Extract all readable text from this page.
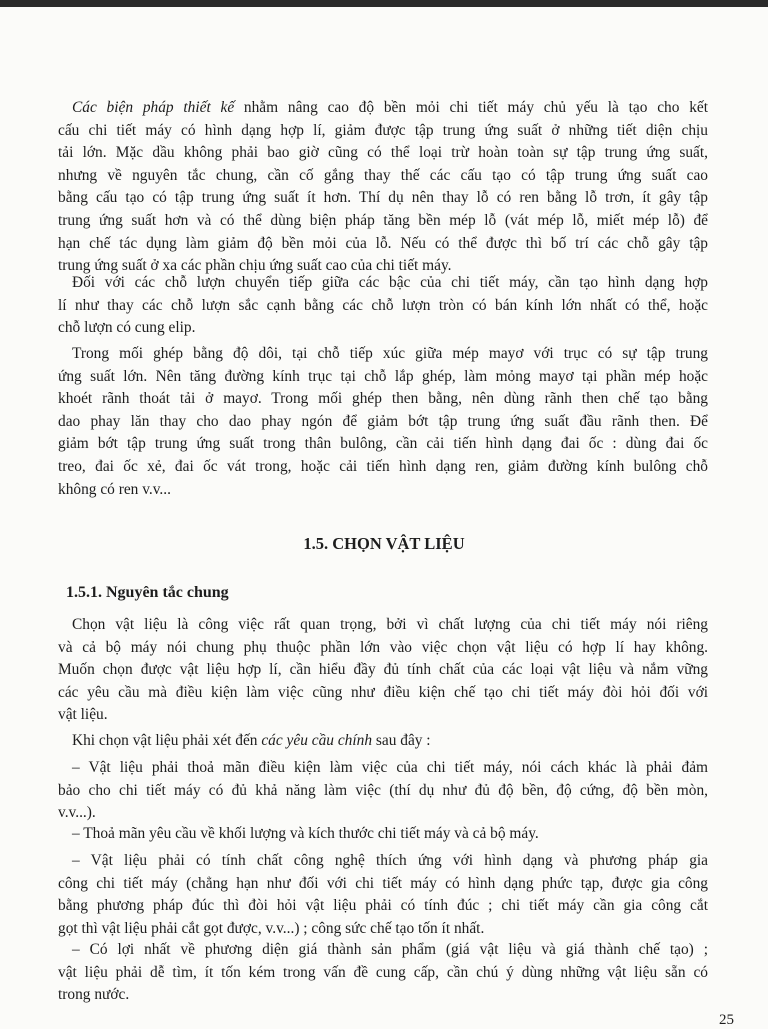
Các biện pháp thiết kế nhằm nâng cao độ bền mỏi chi tiết máy chủ yếu là tạo cho kết
cấu chi tiết máy có hình dạng hợp lí, giảm được tập trung ứng suất ở những tiết diện chịu
tải lớn. Mặc dầu không phải bao giờ cũng có thể loại trừ hoàn toàn sự tập trung ứng suất,
nhưng về nguyên tắc chung, cần cố gắng thay thế các cấu tạo có tập trung ứng suất cao
bằng cấu tạo có tập trung ứng suất ít hơn. Thí dụ nên thay lỗ có ren bằng lỗ trơn, ít gây tập
trung ứng suất hơn và có thể dùng biện pháp tăng bền mép lỗ (vát mép lỗ, miết mép lỗ) để
hạn chế tác dụng làm giảm độ bền mỏi của lỗ. Nếu có thể được thì bố trí các chỗ gây tập
trung ứng suất ở xa các phần chịu ứng suất cao của chi tiết máy.

Đối với các chỗ lượn chuyển tiếp giữa các bậc của chi tiết máy, cần tạo hình dạng hợp
lí như thay các chỗ lượn sắc cạnh bằng các chỗ lượn tròn có bán kính lớn nhất có thể, hoặc
chỗ lượn có cung elip.

Trong mối ghép bằng độ dôi, tại chỗ tiếp xúc giữa mép mayơ với trục có sự tập trung
ứng suất lớn. Nên tăng đường kính trục tại chỗ lắp ghép, làm mỏng mayơ tại phần mép hoặc
khoét rãnh thoát tải ở mayơ. Trong mối ghép then bằng, nên dùng rãnh then chế tạo bằng
dao phay lăn thay cho dao phay ngón để giảm bớt tập trung ứng suất đầu rãnh then. Để
giảm bớt tập trung ứng suất trong thân bulông, cần cải tiến hình dạng đai ốc : dùng đai ốc
treo, đai ốc xẻ, đai ốc vát trong, hoặc cải tiến hình dạng ren, giảm đường kính bulông chỗ
không có ren v.v...

1.5. CHỌN VẬT LIỆU
1.5.1. Nguyên tắc chung

Chọn vật liệu là công việc rất quan trọng, bởi vì chất lượng của chi tiết máy nói riêng
và cả bộ máy nói chung phụ thuộc phần lớn vào việc chọn vật liệu có hợp lí hay không.
Muốn chọn được vật liệu hợp lí, cần hiểu đầy đủ tính chất của các loại vật liệu và nắm vững
các yêu cầu mà điều kiện làm việc cũng như điều kiện chế tạo chi tiết máy đòi hỏi đối với
vật liệu.

Khi chọn vật liệu phải xét đến các yêu cầu chính sau đây :

– Vật liệu phải thoả mãn điều kiện làm việc của chi tiết máy, nói cách khác là phải đảm
bảo cho chi tiết máy có đủ khả năng làm việc (thí dụ như đủ độ bền, độ cứng, độ bền mòn,
v.v...).

– Thoả mãn yêu cầu về khối lượng và kích thước chi tiết máy và cả bộ máy.

– Vật liệu phải có tính chất công nghệ thích ứng với hình dạng và phương pháp gia
công chi tiết máy (chẳng hạn như đối với chi tiết máy có hình dạng phức tạp, được gia công
bằng phương pháp đúc thì đòi hỏi vật liệu phải có tính đúc ; chi tiết máy cần gia công cắt
gọt thì vật liệu phải cắt gọt được, v.v...) ; công sức chế tạo tốn ít nhất.

– Có lợi nhất về phương diện giá thành sản phẩm (giá vật liệu và giá thành chế tạo) ;
vật liệu phải dễ tìm, ít tốn kém trong vấn đề cung cấp, cần chú ý dùng những vật liệu sẵn có
trong nước.

25
